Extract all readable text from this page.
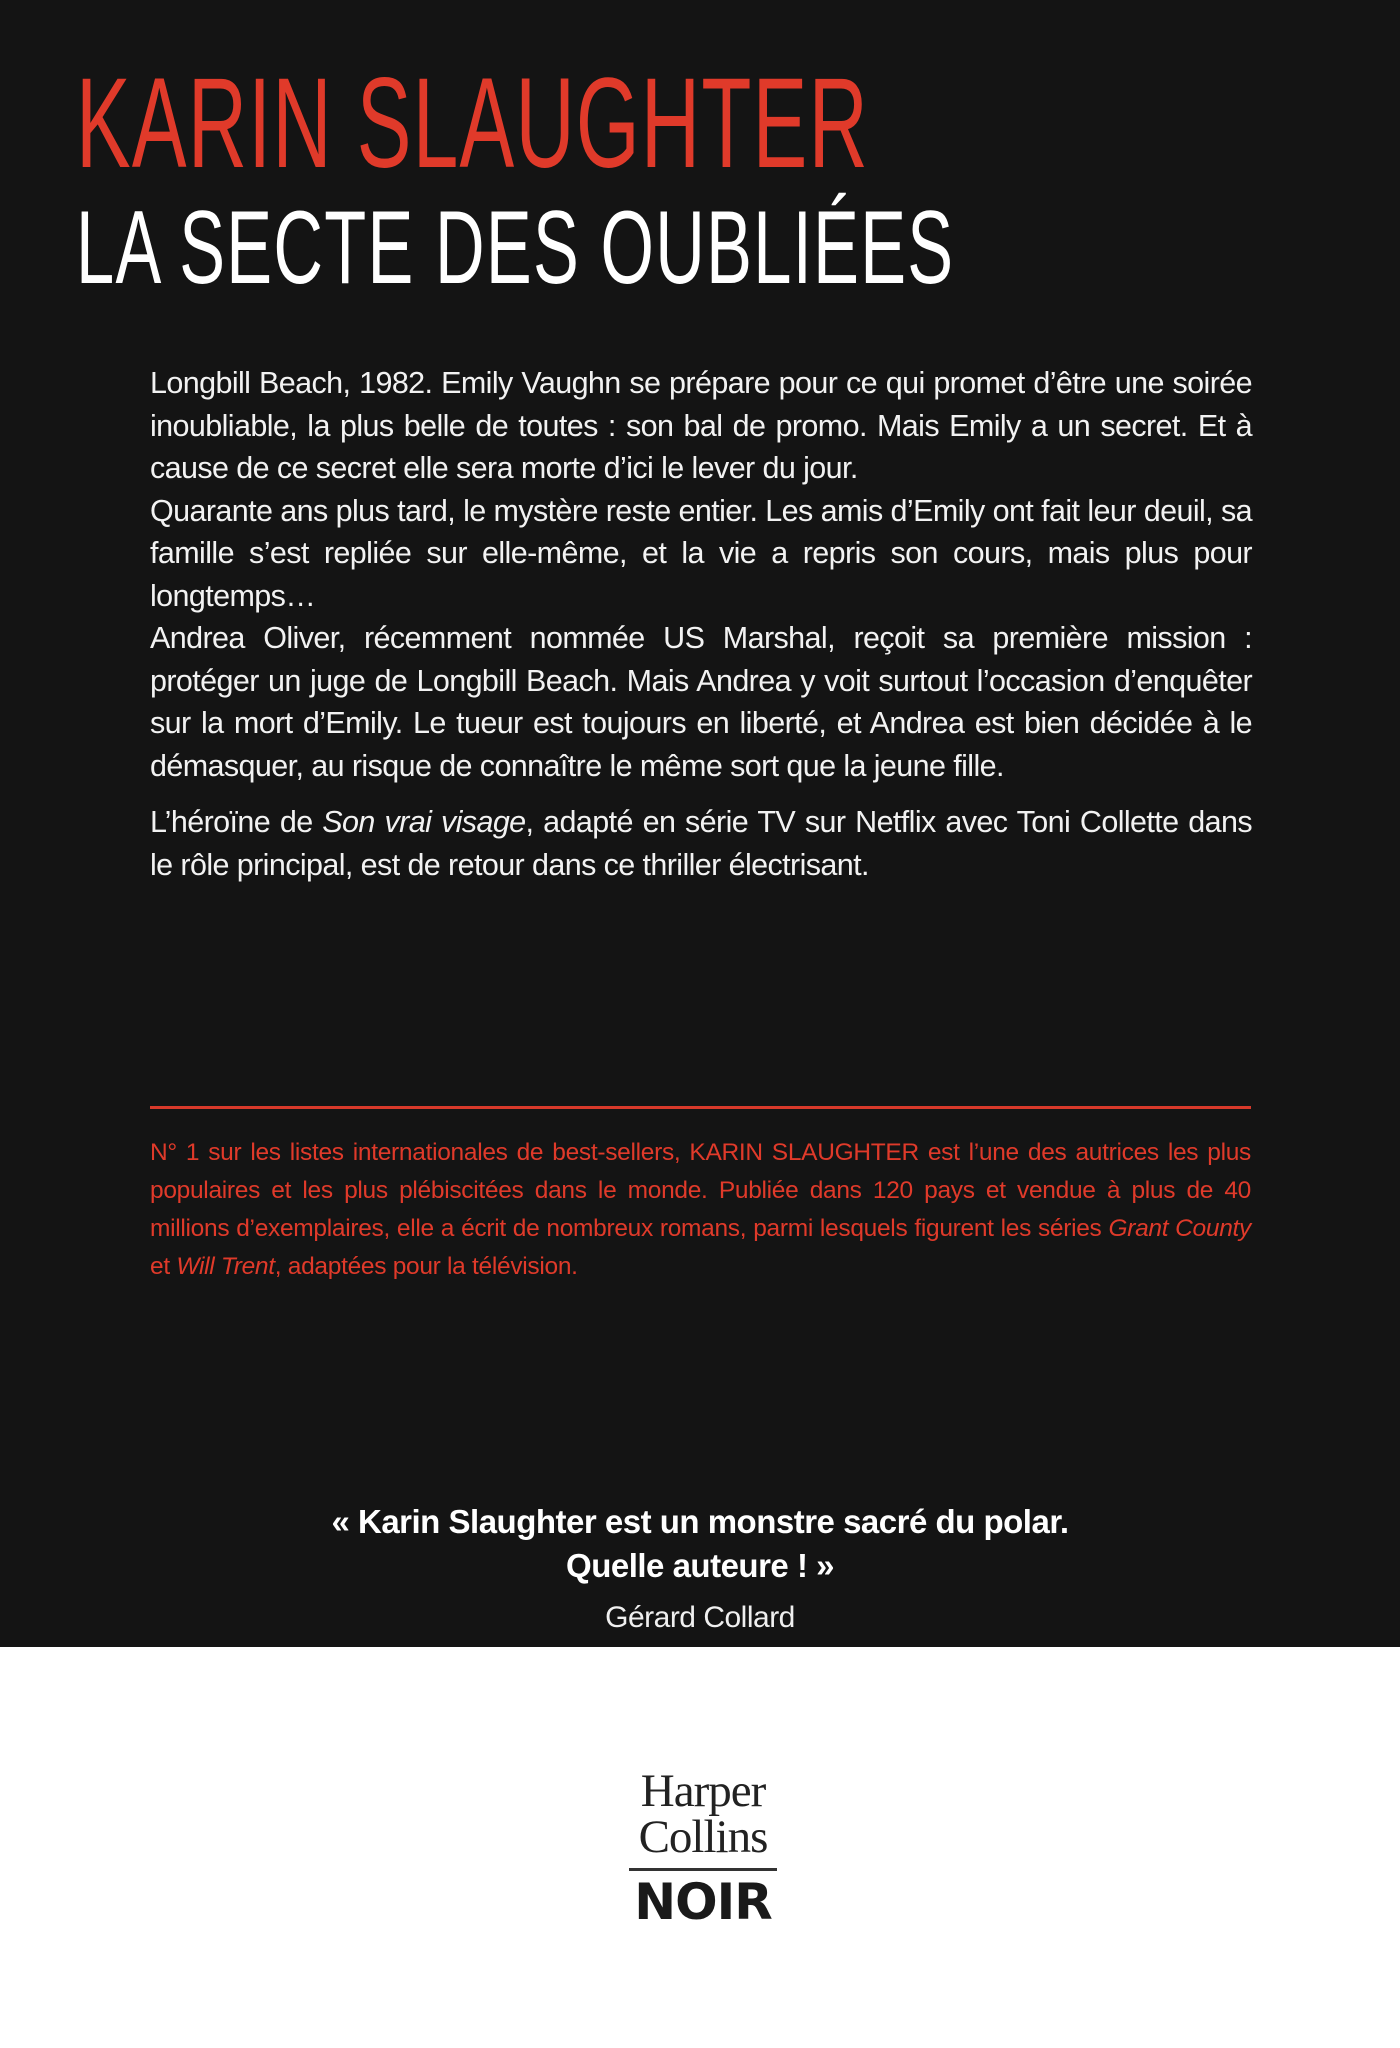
KARIN SLAUGHTER
LA SECTE DES OUBLIÉES

Longbill Beach, 1982. Emily Vaughn se prépare pour ce qui promet d’être une soirée inoubliable, la plus belle de toutes : son bal de promo. Mais Emily a un secret. Et à cause de ce secret elle sera morte d’ici le lever du jour.

Quarante ans plus tard, le mystère reste entier. Les amis d’Emily ont fait leur deuil, sa famille s’est repliée sur elle-même, et la vie a repris son cours, mais plus pour longtemps…

Andrea Oliver, récemment nommée US Marshal, reçoit sa première mission : protéger un juge de Longbill Beach. Mais Andrea y voit surtout l’occasion d’enquêter sur la mort d’Emily. Le tueur est toujours en liberté, et Andrea est bien décidée à le démasquer, au risque de connaître le même sort que la jeune fille.

L’héroïne de Son vrai visage, adapté en série TV sur Netflix avec Toni Collette dans le rôle principal, est de retour dans ce thriller électrisant.

N° 1 sur les listes internationales de best-sellers, KARIN SLAUGHTER est l’une des autrices les plus populaires et les plus plébiscitées dans le monde. Publiée dans 120 pays et vendue à plus de 40 millions d’exemplaires, elle a écrit de nombreux romans, parmi lesquels figurent les séries Grant County et Will Trent, adaptées pour la télévision.

« Karin Slaughter est un monstre sacré du polar.
Quelle auteure ! »
Gérard Collard
Harper
Collins
NOIR
